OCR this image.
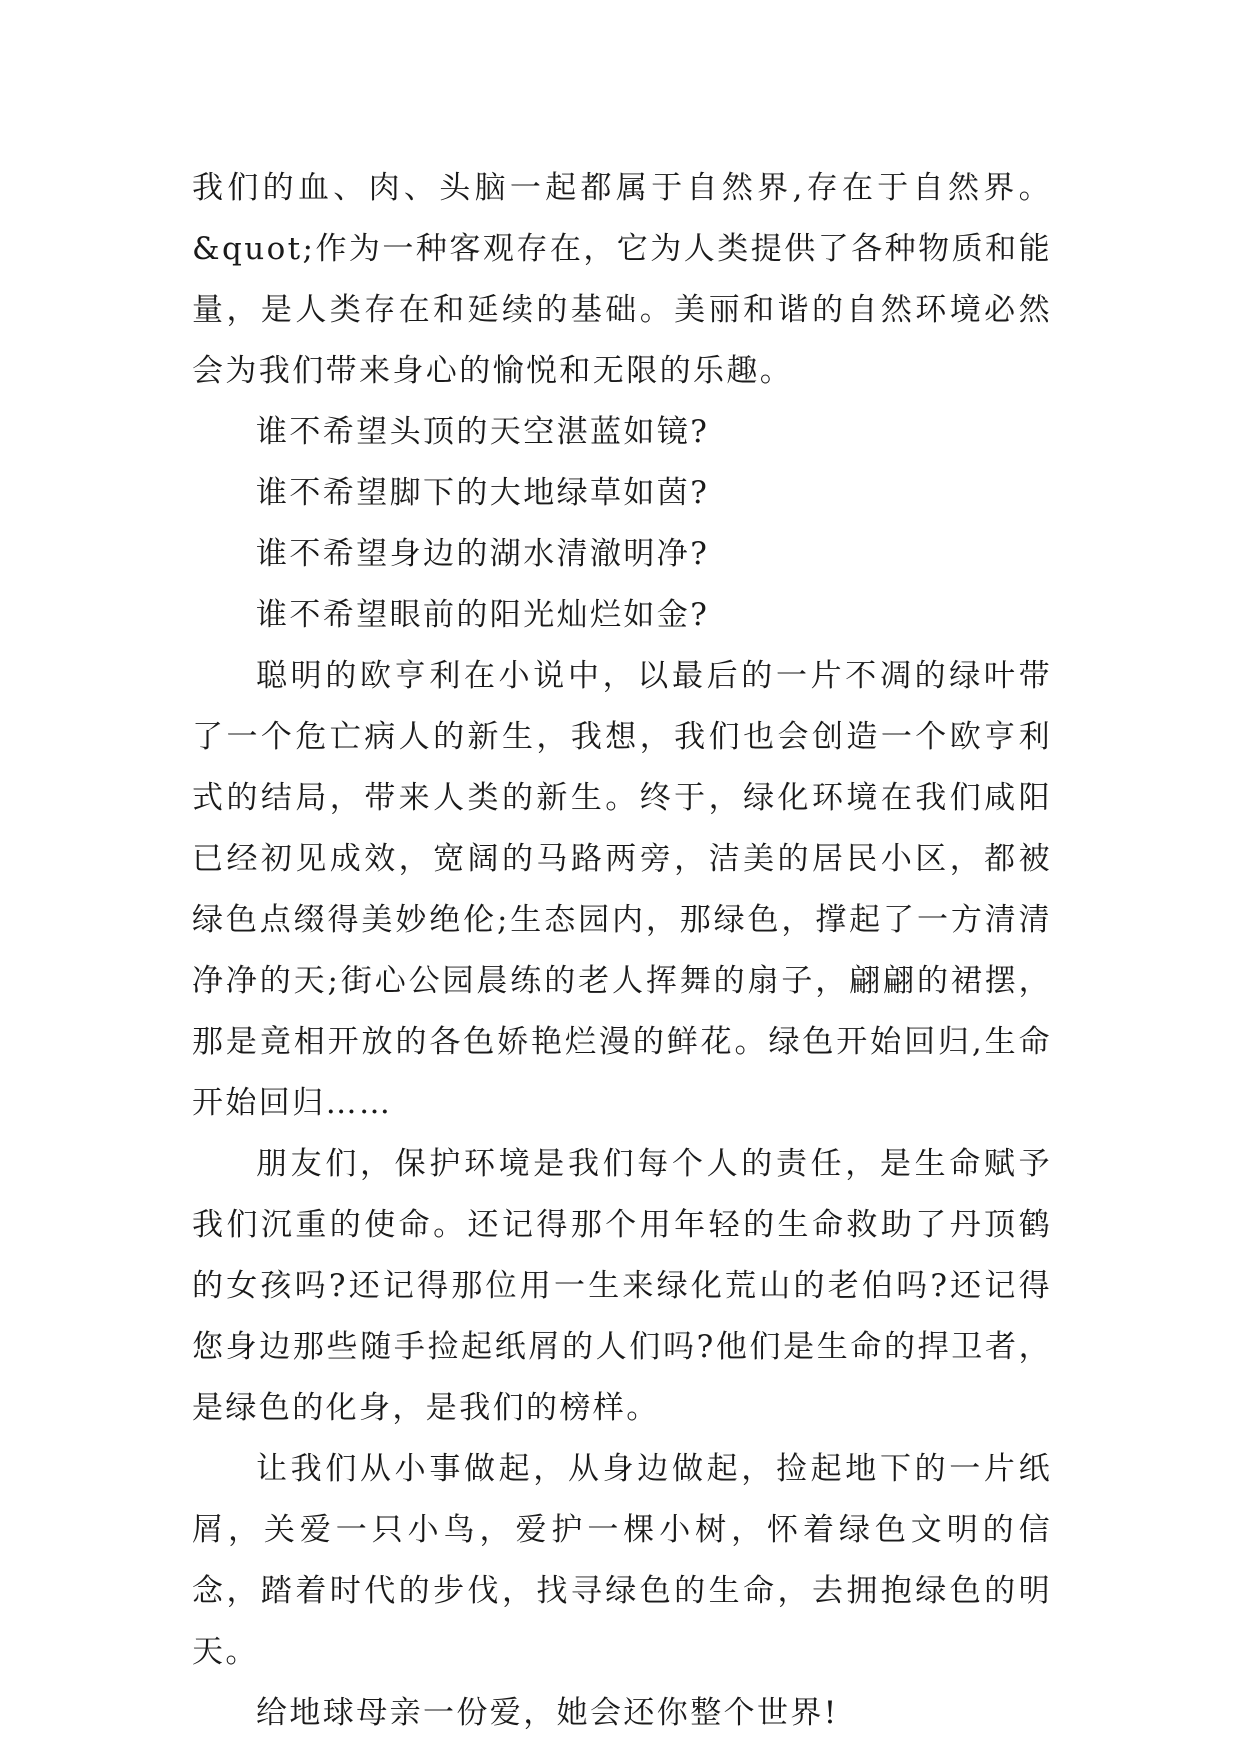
我们的血、肉、头脑一起都属于自然界,存在于自然界。&quot;作为一种客观存在，它为人类提供了各种物质和能量，是人类存在和延续的基础。美丽和谐的自然环境必然会为我们带来身心的愉悦和无限的乐趣。

谁不希望头顶的天空湛蓝如镜?

谁不希望脚下的大地绿草如茵?

谁不希望身边的湖水清澈明净?

谁不希望眼前的阳光灿烂如金?

聪明的欧亨利在小说中，以最后的一片不凋的绿叶带了一个危亡病人的新生，我想，我们也会创造一个欧亨利式的结局，带来人类的新生。终于，绿化环境在我们咸阳已经初见成效，宽阔的马路两旁，洁美的居民小区，都被绿色点缀得美妙绝伦;生态园内，那绿色，撑起了一方清清净净的天;街心公园晨练的老人挥舞的扇子，翩翩的裙摆，那是竟相开放的各色娇艳烂漫的鲜花。绿色开始回归,生命开始回归……

朋友们，保护环境是我们每个人的责任，是生命赋予我们沉重的使命。还记得那个用年轻的生命救助了丹顶鹤的女孩吗?还记得那位用一生来绿化荒山的老伯吗?还记得您身边那些随手捡起纸屑的人们吗?他们是生命的捍卫者，是绿色的化身，是我们的榜样。

让我们从小事做起，从身边做起，捡起地下的一片纸屑，关爱一只小鸟，爱护一棵小树，怀着绿色文明的信念，踏着时代的步伐，找寻绿色的生命，去拥抱绿色的明天。

给地球母亲一份爱，她会还你整个世界!
